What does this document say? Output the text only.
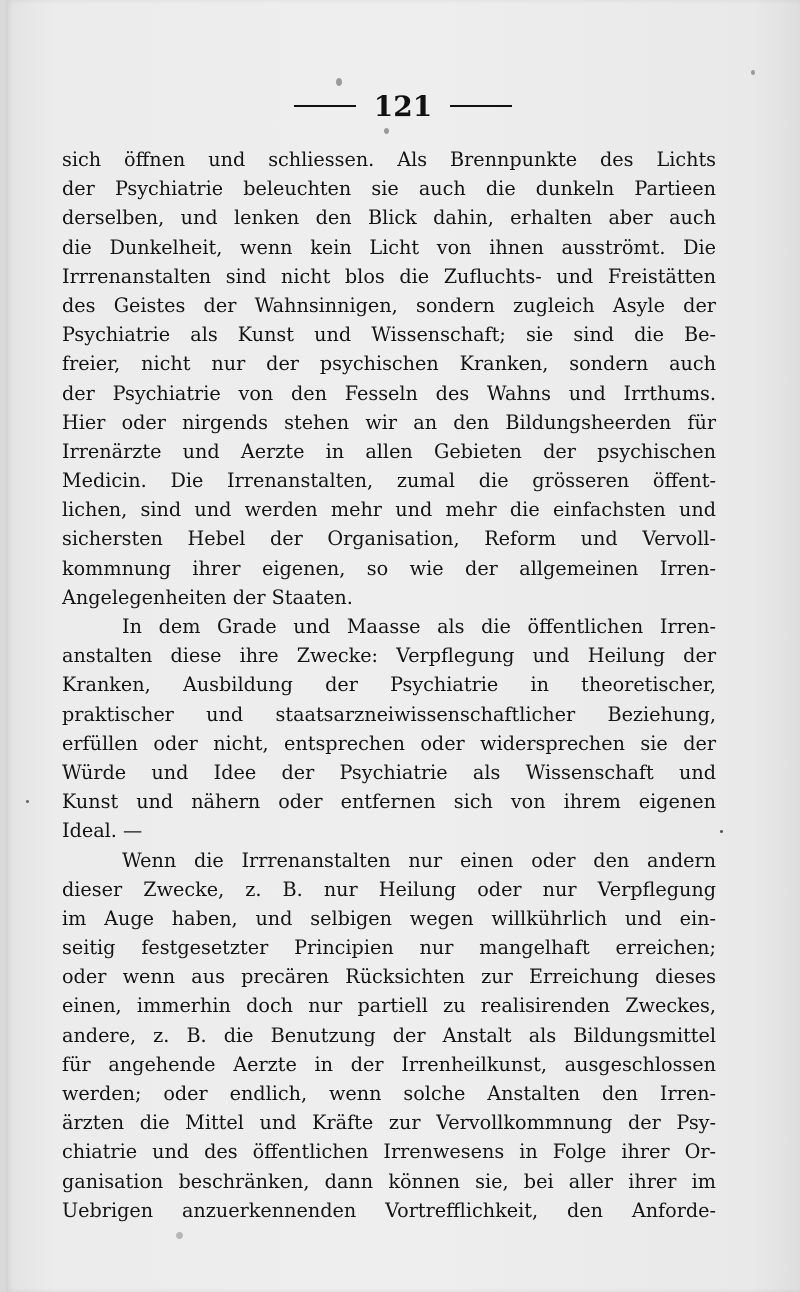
121
sich öffnen und schliessen. Als Brennpunkte des Lichts
der Psychiatrie beleuchten sie auch die dunkeln Partieen
derselben, und lenken den Blick dahin, erhalten aber auch
die Dunkelheit, wenn kein Licht von ihnen ausströmt. Die
Irrrenanstalten sind nicht blos die Zufluchts- und Freistätten
des Geistes der Wahnsinnigen, sondern zugleich Asyle der
Psychiatrie als Kunst und Wissenschaft; sie sind die Be-
freier, nicht nur der psychischen Kranken, sondern auch
der Psychiatrie von den Fesseln des Wahns und Irrthums.
Hier oder nirgends stehen wir an den Bildungsheerden für
Irrenärzte und Aerzte in allen Gebieten der psychischen
Medicin. Die Irrenanstalten, zumal die grösseren öffent-
lichen, sind und werden mehr und mehr die einfachsten und
sichersten Hebel der Organisation, Reform und Vervoll-
kommnung ihrer eigenen, so wie der allgemeinen Irren-
Angelegenheiten der Staaten.
In dem Grade und Maasse als die öffentlichen Irren-
anstalten diese ihre Zwecke: Verpflegung und Heilung der
Kranken, Ausbildung der Psychiatrie in theoretischer,
praktischer und staatsarzneiwissenschaftlicher Beziehung,
erfüllen oder nicht, entsprechen oder widersprechen sie der
Würde und Idee der Psychiatrie als Wissenschaft und
Kunst und nähern oder entfernen sich von ihrem eigenen
Ideal. —
Wenn die Irrrenanstalten nur einen oder den andern
dieser Zwecke, z. B. nur Heilung oder nur Verpflegung
im Auge haben, und selbigen wegen willkührlich und ein-
seitig festgesetzter Principien nur mangelhaft erreichen;
oder wenn aus precären Rücksichten zur Erreichung dieses
einen, immerhin doch nur partiell zu realisirenden Zweckes,
andere, z. B. die Benutzung der Anstalt als Bildungsmittel
für angehende Aerzte in der Irrenheilkunst, ausgeschlossen
werden; oder endlich, wenn solche Anstalten den Irren-
ärzten die Mittel und Kräfte zur Vervollkommnung der Psy-
chiatrie und des öffentlichen Irrenwesens in Folge ihrer Or-
ganisation beschränken, dann können sie, bei aller ihrer im
Uebrigen anzuerkennenden Vortrefflichkeit, den Anforde-
